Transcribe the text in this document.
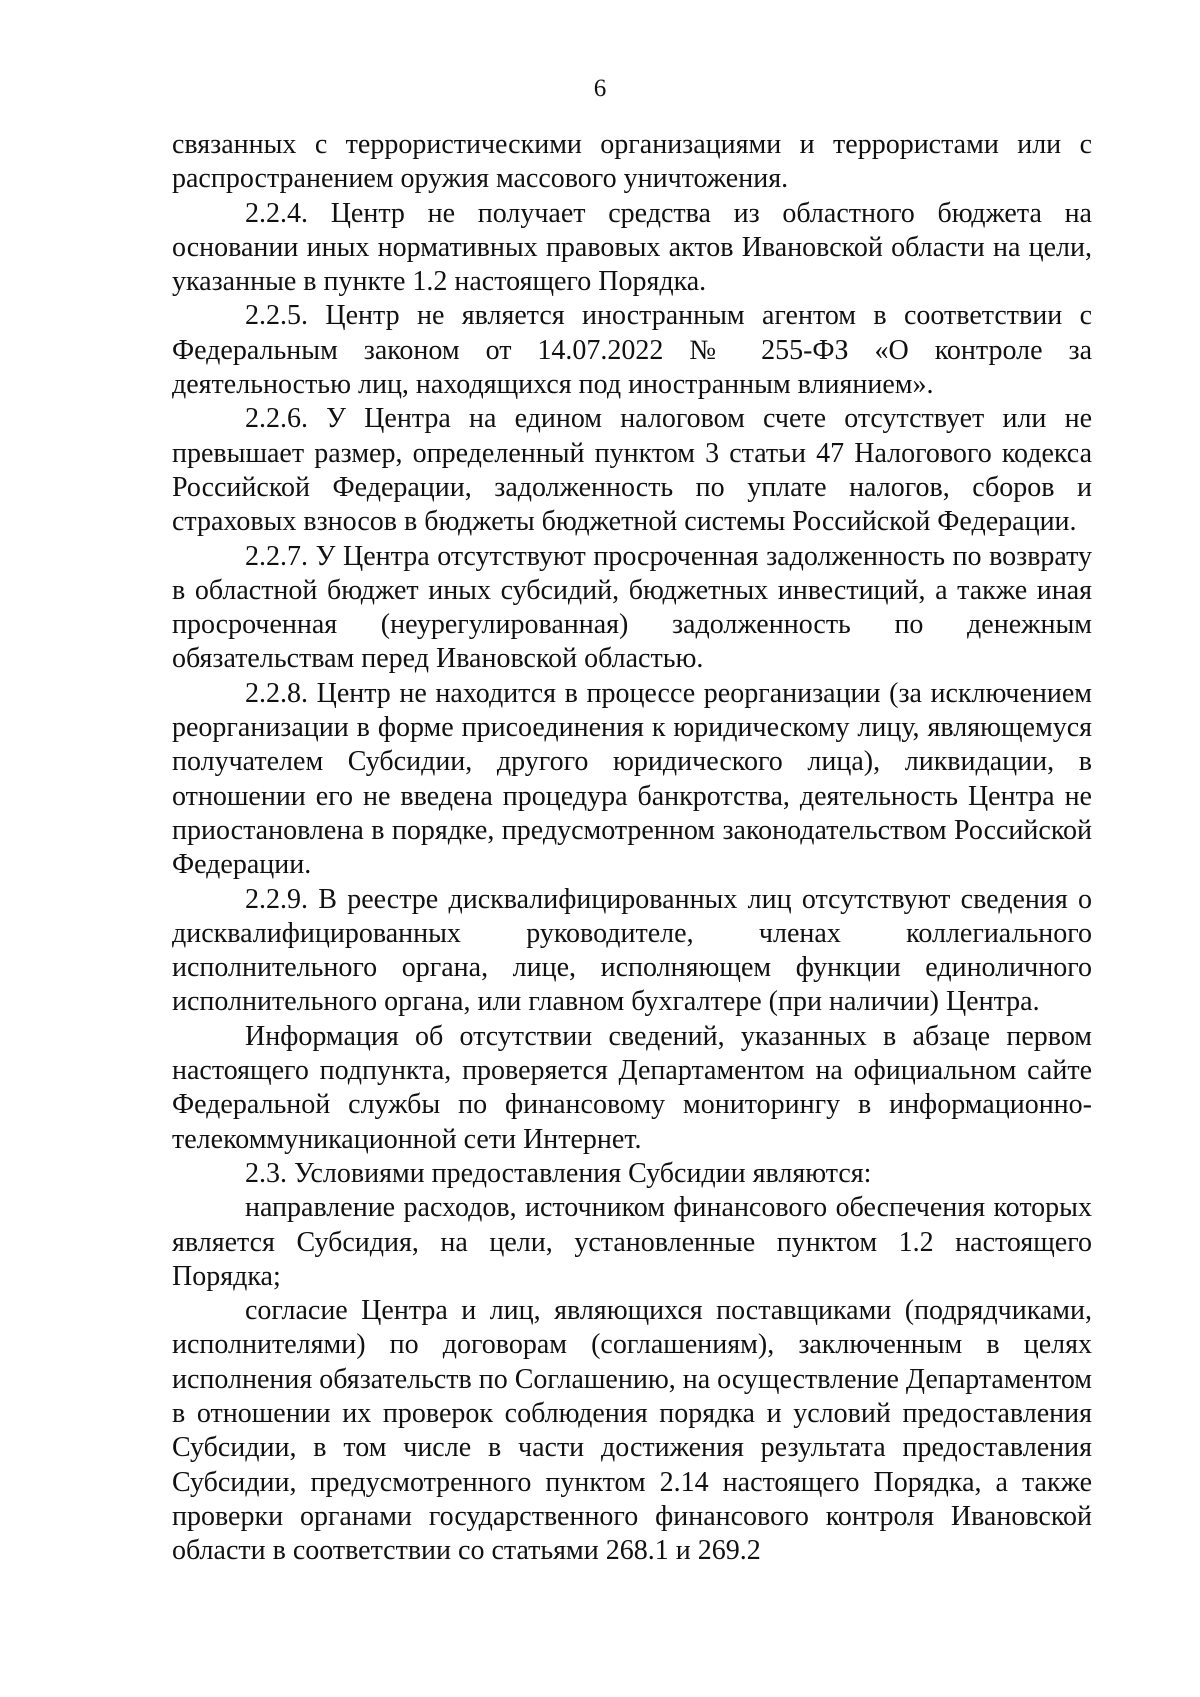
6

связанных с террористическими организациями и террористами или с распространением оружия массового уничтожения.

2.2.4. Центр не получает средства из областного бюджета на основании иных нормативных правовых актов Ивановской области на цели, указанные в пункте 1.2 настоящего Порядка.

2.2.5. Центр не является иностранным агентом в соответствии с Федеральным законом от 14.07.2022 № 255-ФЗ «О контроле за деятельностью лиц, находящихся под иностранным влиянием».

2.2.6. У Центра на едином налоговом счете отсутствует или не превышает размер, определенный пунктом 3 статьи 47 Налогового кодекса Российской Федерации, задолженность по уплате налогов, сборов и страховых взносов в бюджеты бюджетной системы Российской Федерации.

2.2.7. У Центра отсутствуют просроченная задолженность по возврату в областной бюджет иных субсидий, бюджетных инвестиций, а также иная просроченная (неурегулированная) задолженность по денежным обязательствам перед Ивановской областью.

2.2.8. Центр не находится в процессе реорганизации (за исключением реорганизации в форме присоединения к юридическому лицу, являющемуся получателем Субсидии, другого юридического лица), ликвидации, в отношении его не введена процедура банкротства, деятельность Центра не приостановлена в порядке, предусмотренном законодательством Российской Федерации.

2.2.9. В реестре дисквалифицированных лиц отсутствуют сведения о дисквалифицированных руководителе, членах коллегиального исполнительного органа, лице, исполняющем функции единоличного исполнительного органа, или главном бухгалтере (при наличии) Центра.

Информация об отсутствии сведений, указанных в абзаце первом настоящего подпункта, проверяется Департаментом на официальном сайте Федеральной службы по финансовому мониторингу в информационно-телекоммуникационной сети Интернет.

2.3. Условиями предоставления Субсидии являются:

направление расходов, источником финансового обеспечения которых является Субсидия, на цели, установленные пунктом 1.2 настоящего Порядка;

согласие Центра и лиц, являющихся поставщиками (подрядчиками, исполнителями) по договорам (соглашениям), заключенным в целях исполнения обязательств по Соглашению, на осуществление Департаментом в отношении их проверок соблюдения порядка и условий предоставления Субсидии, в том числе в части достижения результата предоставления Субсидии, предусмотренного пунктом 2.14 настоящего Порядка, а также проверки органами государственного финансового контроля Ивановской области в соответствии со статьями 268.1 и 269.2
